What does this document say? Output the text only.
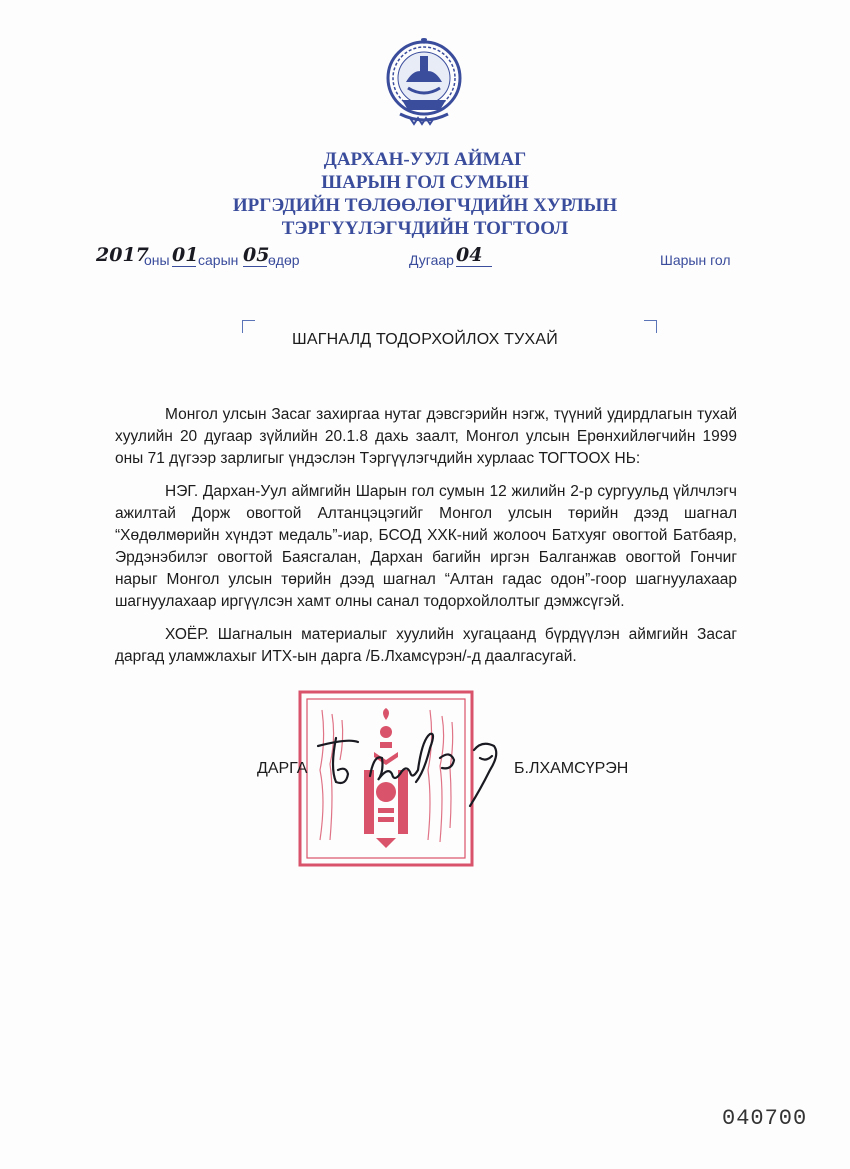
ДАРХАН-УУЛ АЙМАГ
ШАРЫН ГОЛ СУМЫН
ИРГЭДИЙН ТӨЛӨӨЛӨГЧДИЙН ХУРЛЫН
ТЭРГҮҮЛЭГЧДИЙН ТОГТООЛ
2017
оны 01 сарын 05
өдөр	Дугаар 04	Шарын гол
ШАГНАЛД ТОДОРХОЙЛОХ ТУХАЙ

Монгол улсын Засаг захиргаа нутаг дэвсгэрийн нэгж, түүний удирдлагын тухай хуулийн 20 дугаар зүйлийн 20.1.8 дахь заалт, Монгол улсын Ерөнхийлөгчийн 1999 оны 71 дүгээр зарлигыг үндэслэн Тэргүүлэгчдийн хурлаас ТОГТООХ НЬ:

НЭГ. Дархан-Уул аймгийн Шарын гол сумын 12 жилийн 2-р сургуульд үйлчлэгч ажилтай Дорж овогтой Алтанцэцэгийг Монгол улсын төрийн дээд шагнал “Хөдөлмөрийн хүндэт медаль”-иар, БСОД ХХК-ний жолооч Батхуяг овогтой Батбаяр, Эрдэнэбилэг овогтой Баясгалан, Дархан багийн иргэн Балганжав овогтой Гончиг нарыг Монгол улсын төрийн дээд шагнал “Алтан гадас одон”-гоор шагнуулахаар шагнуулахаар иргүүлсэн хамт олны санал тодорхойлолтыг дэмжсүгэй.

ХОЁР. Шагналын материалыг хуулийн хугацаанд бүрдүүлэн аймгийн Засаг даргад уламжлахыг ИТХ-ын дарга /Б.Лхамсүрэн/-д даалгасугай.

ДАРГА	Б.ЛХАМСҮРЭН
040700
